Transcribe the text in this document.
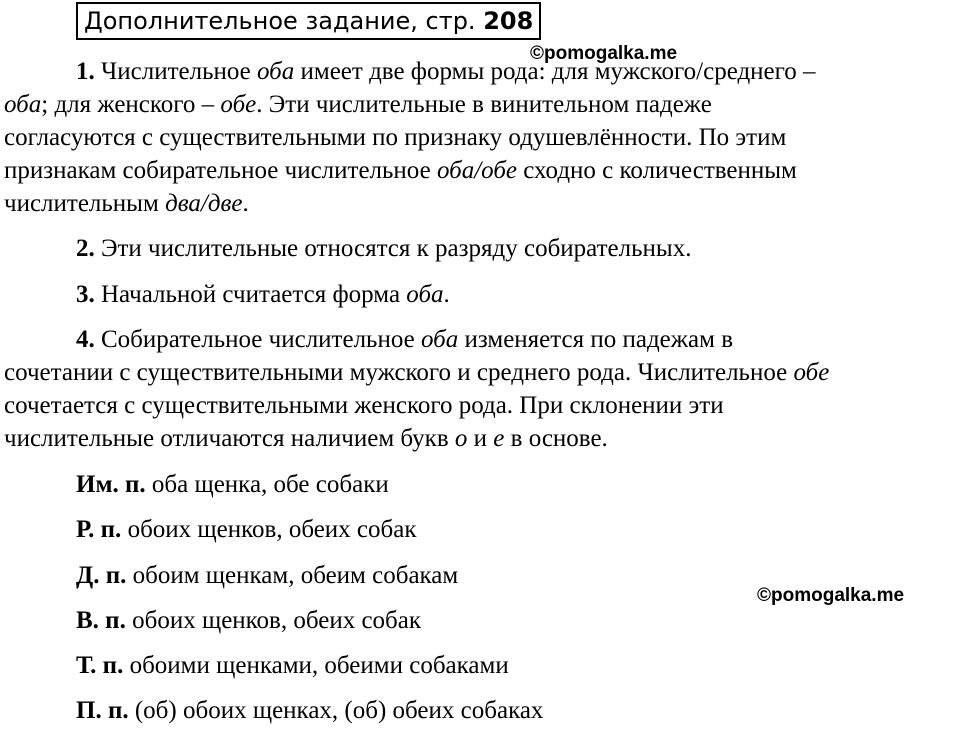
Дополнительное задание, стр. 208
©pomogalka.me
©pomogalka.me
1. Числительное оба имеет две формы рода: для мужского/среднего –
оба; для женского – обе. Эти числительные в винительном падеже
согласуются с существительными по признаку одушевлённости. По этим
признакам собирательное числительное оба/обе сходно с количественным
числительным два/две.
2. Эти числительные относятся к разряду собирательных.
3. Начальной считается форма оба.
4. Собирательное числительное оба изменяется по падежам в
сочетании с существительными мужского и среднего рода. Числительное обе
сочетается с существительными женского рода. При склонении эти
числительные отличаются наличием букв о и е в основе.
Им. п. оба щенка, обе собаки
Р. п. обоих щенков, обеих собак
Д. п. обоим щенкам, обеим собакам
В. п. обоих щенков, обеих собак
Т. п. обоими щенками, обеими собаками
П. п. (об) обоих щенках, (об) обеих собаках
